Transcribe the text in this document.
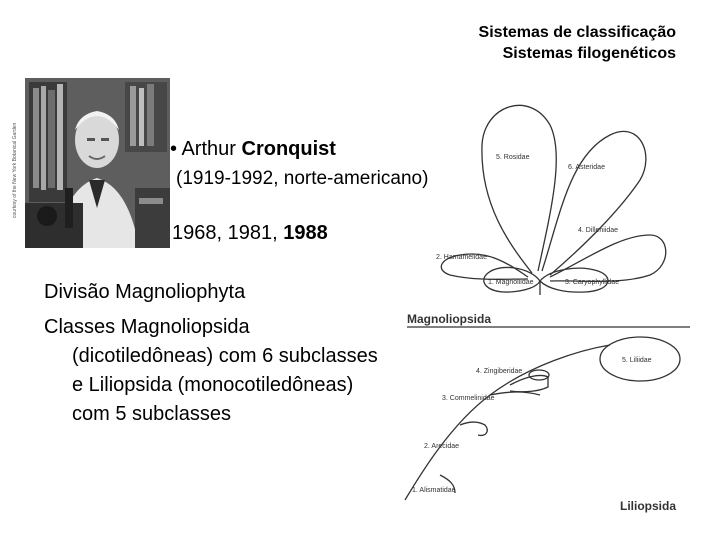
Sistemas de classificação
Sistemas filogenéticos
courtesy of the New York Botanical Garden	• Arthur Cronquist
(1919-1992, norte-americano)
1968, 1981, 1988
Divisão Magnoliophyta
Classes Magnoliopsida
(dicotiledôneas) com 6 subclasses e Liliopsida (monocotiledôneas) com 5 subclasses
5. Rosidae
6. Asteridae
4. Dilleniidae
2. Hamamelidae
1. Magnoliidae	3. Caryophyllidae
Magnoliopsida
5. Liliidae
4. Zingiberidae
3. Commelinidae
2. Arecidae
1. Alismatidae
Liliopsida
